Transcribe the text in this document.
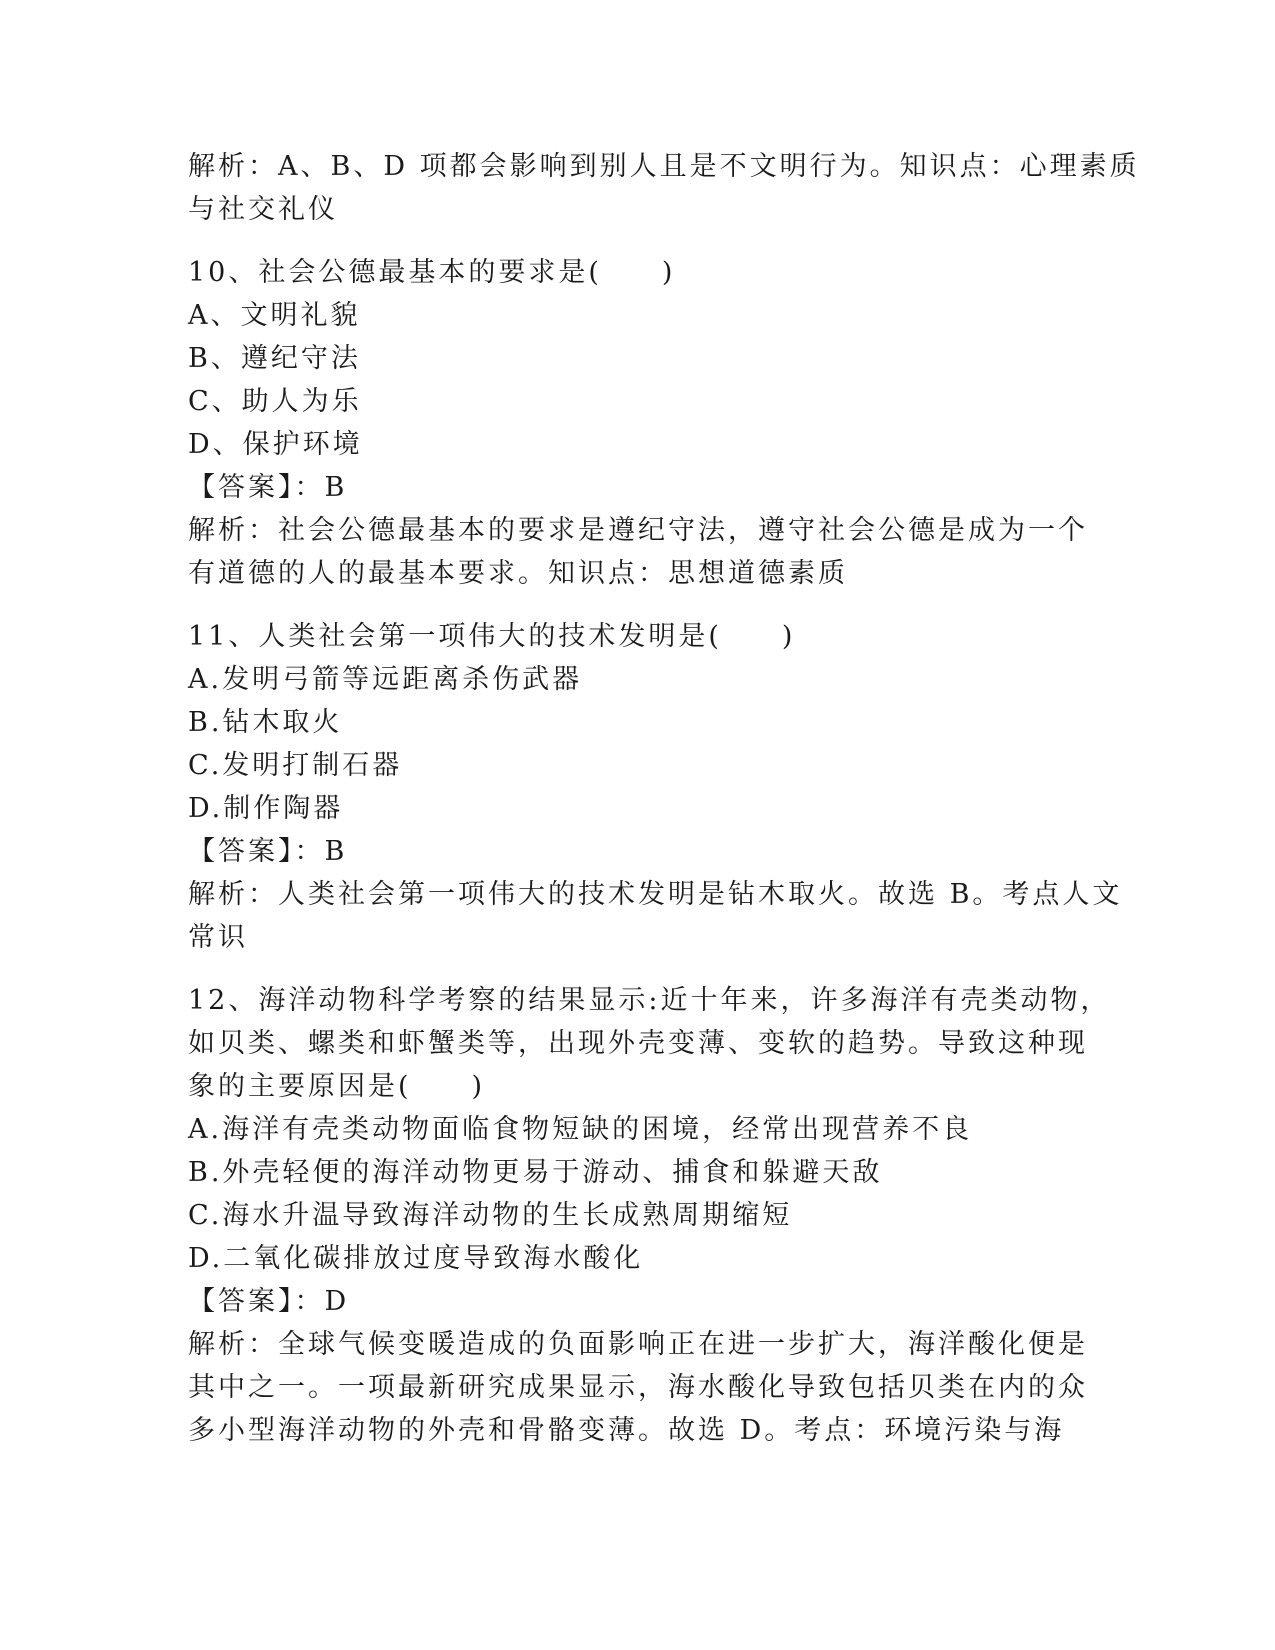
解析：A、B、D 项都会影响到别人且是不文明行为。知识点：心理素质

与社交礼仪

10、社会公德最基本的要求是(　　)

A、文明礼貌

B、遵纪守法

C、助人为乐

D、保护环境

【答案】：B

解析：社会公德最基本的要求是遵纪守法，遵守社会公德是成为一个

有道德的人的最基本要求。知识点：思想道德素质

11、人类社会第一项伟大的技术发明是(　　)

A.发明弓箭等远距离杀伤武器

B.钻木取火

C.发明打制石器

D.制作陶器

【答案】：B

解析：人类社会第一项伟大的技术发明是钻木取火。故选 B。考点人文

常识

12、海洋动物科学考察的结果显示:近十年来，许多海洋有壳类动物，

如贝类、螺类和虾蟹类等，出现外壳变薄、变软的趋势。导致这种现

象的主要原因是(　　)

A.海洋有壳类动物面临食物短缺的困境，经常出现营养不良

B.外壳轻便的海洋动物更易于游动、捕食和躲避天敌

C.海水升温导致海洋动物的生长成熟周期缩短

D.二氧化碳排放过度导致海水酸化

【答案】：D

解析：全球气候变暖造成的负面影响正在进一步扩大，海洋酸化便是

其中之一。一项最新研究成果显示，海水酸化导致包括贝类在内的众

多小型海洋动物的外壳和骨骼变薄。故选 D。考点：环境污染与海
